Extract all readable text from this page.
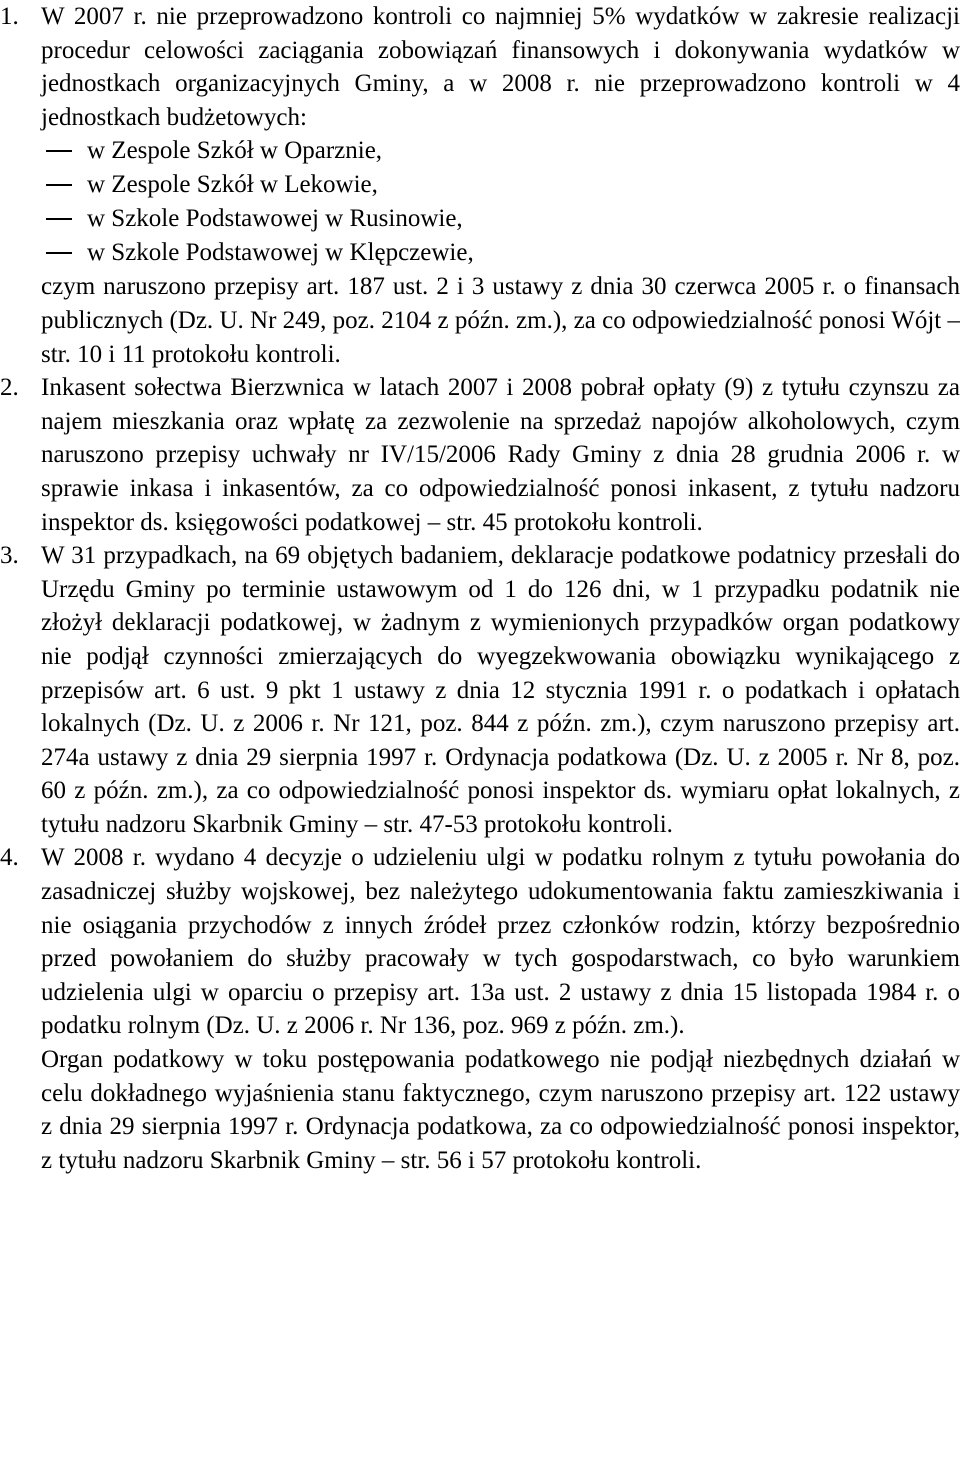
1. W 2007 r. nie przeprowadzono kontroli co najmniej 5% wydatków w zakresie realizacji procedur celowości zaciągania zobowiązań finansowych i dokonywania wydatków w jednostkach organizacyjnych Gminy, a w 2008 r. nie przeprowadzono kontroli w 4 jednostkach budżetowych:

w Zespole Szkół w Oparznie,
w Zespole Szkół w Lekowie,
w Szkole Podstawowej w Rusinowie,
w Szkole Podstawowej w Klępczewie,

czym naruszono przepisy art. 187 ust. 2 i 3 ustawy z dnia 30 czerwca 2005 r. o finansach publicznych (Dz. U. Nr 249, poz. 2104 z późn. zm.), za co odpowiedzialność ponosi Wójt – str. 10 i 11 protokołu kontroli.

2. Inkasent sołectwa Bierzwnica w latach 2007 i 2008 pobrał opłaty (9) z tytułu czynszu za najem mieszkania oraz wpłatę za zezwolenie na sprzedaż napojów alkoholowych, czym naruszono przepisy uchwały nr IV/15/2006 Rady Gminy z dnia 28 grudnia 2006 r. w sprawie inkasa i inkasentów, za co odpowiedzialność ponosi inkasent, z tytułu nadzoru inspektor ds. księgowości podatkowej – str. 45 protokołu kontroli.

3. W 31 przypadkach, na 69 objętych badaniem, deklaracje podatkowe podatnicy przesłali do Urzędu Gminy po terminie ustawowym od 1 do 126 dni, w 1 przypadku podatnik nie złożył deklaracji podatkowej, w żadnym z wymienionych przypadków organ podatkowy nie podjął czynności zmierzających do wyegzekwowania obowiązku wynikającego z przepisów art. 6 ust. 9 pkt 1 ustawy z dnia 12 stycznia 1991 r. o podatkach i opłatach lokalnych (Dz. U. z 2006 r. Nr 121, poz. 844 z późn. zm.), czym naruszono przepisy art. 274a ustawy z dnia 29 sierpnia 1997 r. Ordynacja podatkowa (Dz. U. z 2005 r. Nr 8, poz. 60 z późn. zm.), za co odpowiedzialność ponosi inspektor ds. wymiaru opłat lokalnych, z tytułu nadzoru Skarbnik Gminy – str. 47-53 protokołu kontroli.

4. W 2008 r. wydano 4 decyzje o udzieleniu ulgi w podatku rolnym z tytułu powołania do zasadniczej służby wojskowej, bez należytego udokumentowania faktu zamieszkiwania i nie osiągania przychodów z innych źródeł przez członków rodzin, którzy bezpośrednio przed powołaniem do służby pracowały w tych gospodarstwach, co było warunkiem udzielenia ulgi w oparciu o przepisy art. 13a ust. 2 ustawy z dnia 15 listopada 1984 r. o podatku rolnym (Dz. U. z 2006 r. Nr 136, poz. 969 z późn. zm.).

Organ podatkowy w toku postępowania podatkowego nie podjął niezbędnych działań w celu dokładnego wyjaśnienia stanu faktycznego, czym naruszono przepisy art. 122 ustawy z dnia 29 sierpnia 1997 r. Ordynacja podatkowa, za co odpowiedzialność ponosi inspektor, z tytułu nadzoru Skarbnik Gminy – str. 56 i 57 protokołu kontroli.
